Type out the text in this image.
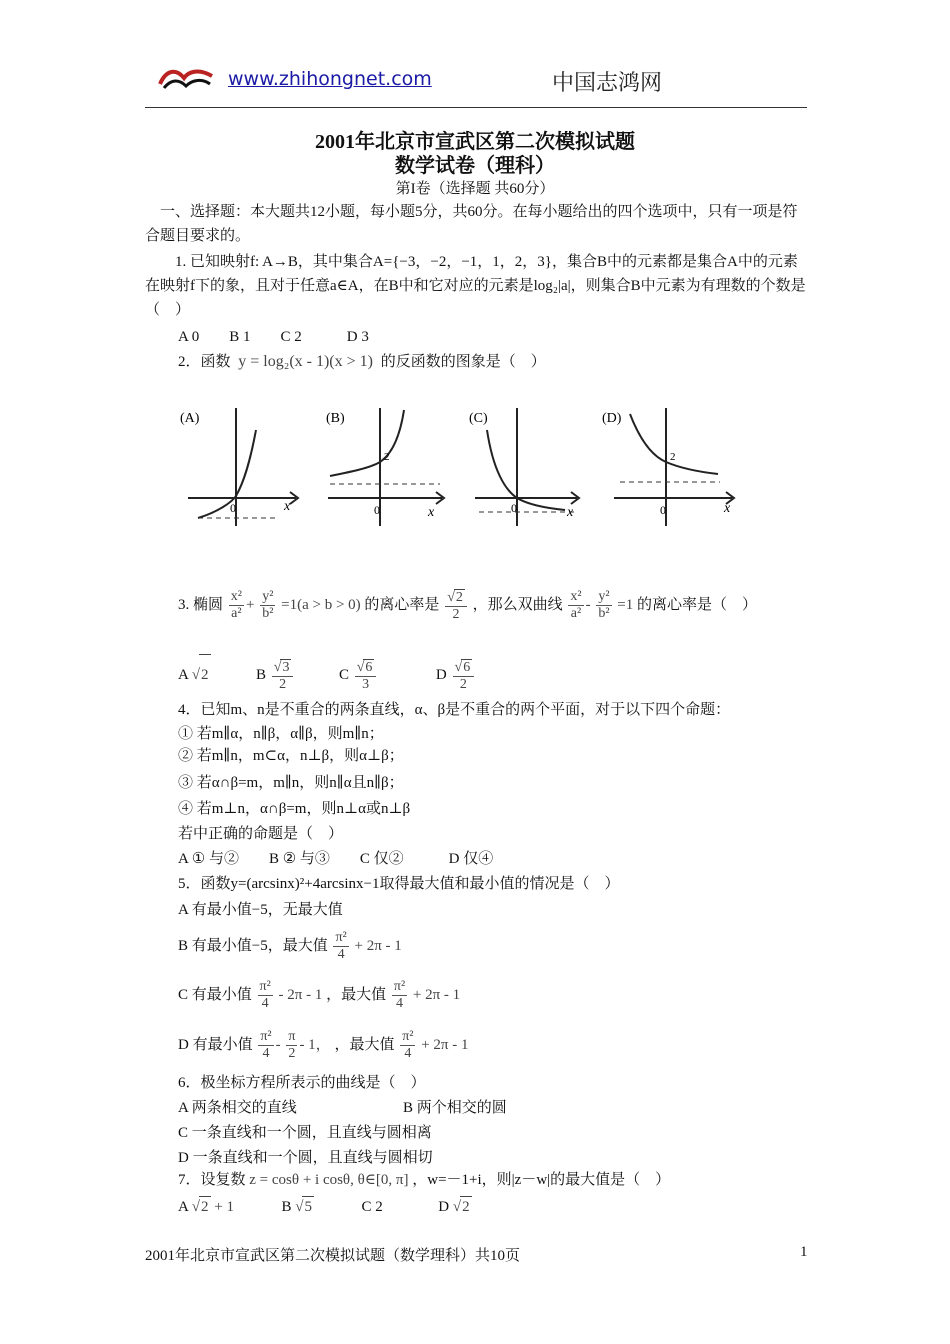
www.zhihongnet.com	中国志鸿网
2001年北京市宣武区第二次模拟试题
数学试卷（理科）
第I卷（选择题 共60分）
一、选择题：本大题共12小题，每小题5分，共60分。在每小题给出的四个选项中，只有一项是符合题目要求的。
1. 已知映射f: A→B，其中集合A={−3，−2，−1，1，2，3}，集合B中的元素都是集合A中的元素在映射f下的象，且对于任意a∈A，在B中和它对应的元素是log₂|a|，则集合B中元素为有理数的个数是（　）
A 0　　B 1　　C 2　　　D 3
2．函数 y = log₂(x - 1)(x > 1) 的反函数的图象是（　）
(A)
0	x
(B)
2
0	x
(C)
0	x
(D)
2
0	x
3. 椭圆 $\frac{\text{x²}}{\text{a²}} + \frac{\text{y²}}{\text{b²}} =1(a > b > 0)$ 的离心率是 $\frac{√2}{2}$ ，那么双曲线 $\frac{\text{x²}}{\text{a²}} - \frac{\text{y²}}{\text{b²}} =1$ 的离心率是（　）
A √2	B $\frac{√3}{2}$	C $\frac{√6}{3}$	D $\frac{√6}{2}$
4．已知m、n是不重合的两条直线，α、β是不重合的两个平面，对于以下四个命题：
① 若m∥α，n∥β，α∥β，则m∥n；
② 若m∥n，m⊂α，n⊥β，则α⊥β；
③ 若α∩β=m，m∥n，则n∥α且n∥β；
④ 若m⊥n，α∩β=m，则n⊥α或n⊥β
若中正确的命题是（　）
A ① 与②　　B ② 与③　　C 仅②　　　D 仅④
5．函数y=(arcsinx)²+4arcsinx−1取得最大值和最小值的情况是（　）
A 有最小值−5，无最大值
B 有最小值−5，最大值 $\frac{\text{π²}}{4} + 2\pi - 1$
C 有最小值 $\frac{\text{π²}}{4} - 2\pi - 1$ ，最大值 $\frac{\text{π²}}{4} + 2\pi - 1$
D 有最小值 $\frac{\text{π²}}{4} - \frac{\pi}{2} - 1$， ，最大值 $\frac{\text{π²}}{4} + 2\pi - 1$
6．极坐标方程所表示的曲线是（　）
A 两条相交的直线	B 两个相交的圆
C 一条直线和一个圆，且直线与圆相离
D 一条直线和一个圆，且直线与圆相切
7．设复数 z = cosθ + i cosθ, θ∈[0, π] ，w=－1+i，则|z－w|的最大值是（　）
A √2 + 1	B √5	C 2	D √2
2001年北京市宣武区第二次模拟试题（数学理科）共10页	1
